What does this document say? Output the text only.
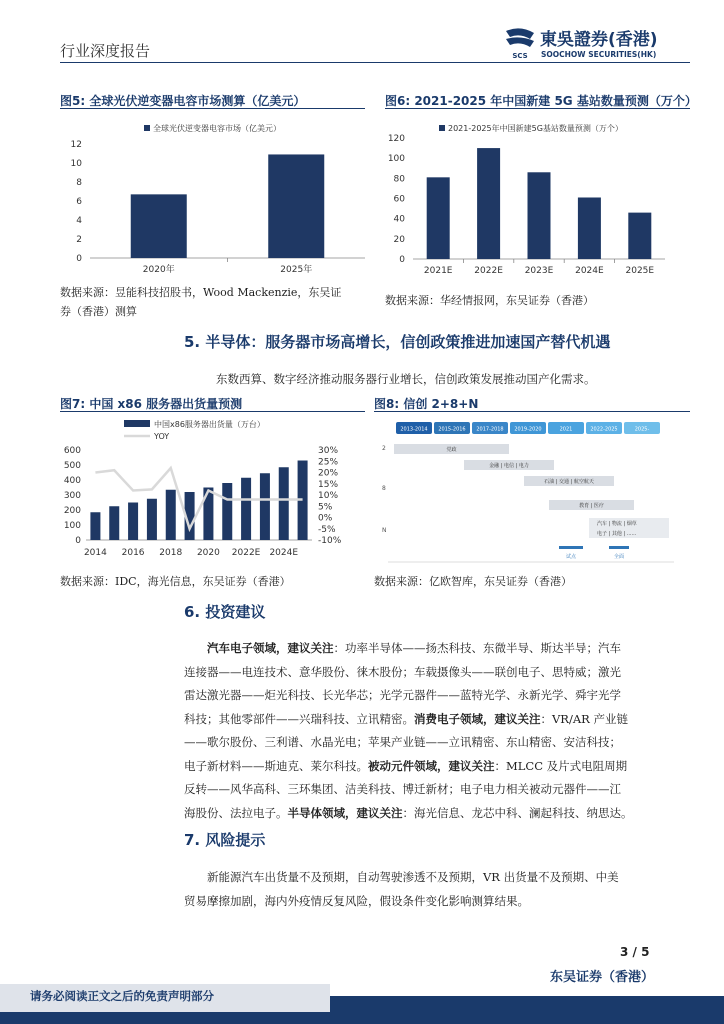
行业深度报告	SCS
東吳證券(香港)
SOOCHOW SECURITIES(HK)
图5: 全球光伏逆变器电容市场测算（亿美元）
全球光伏逆变器电容市场（亿美元）
0
2
4
6
8
10
12
2020年	2025年
数据来源：昱能科技招股书，Wood Mackenzie，东吴证
券（香港）测算
图6: 2021-2025 年中国新建 5G 基站数量预测（万个）
2021-2025年中国新建5G基站数量预测（万个）
0
20
40
60
80
100
120
2021E 2022E 2023E 2024E 2025E
数据来源：华经情报网，东吴证券（香港）
5. 半导体：服务器市场高增长，信创政策推进加速国产替代机遇
东数西算、数字经济推动服务器行业增长，信创政策发展推动国产化需求。
图7: 中国 x86 服务器出货量预测
中国x86服务器出货量（万台）
YOY
0
100
200
300
400
500
600
-10%
-5%
0%
5%
10%
15%
20%
25%
30%
2014 2016 2018 2020 2022E 2024E
数据来源：IDC，海光信息，东吴证券（香港）
图8: 信创 2+8+N
2013-2014 2015-2016 2017-2018 2019-2020	2021	2022-2025	2025-
2
8
N
党政
金融 | 电信 | 电力
石油 | 交通 | 航空航天
教育 | 医疗
汽车 | 物流 | 烟草
电子 | 其他 | ......
试点	全面
数据来源：亿欧智库，东吴证券（香港）
6. 投资建议
　　汽车电子领域，建议关注：功率半导体——扬杰科技、东微半导、斯达半导；汽车
连接器——电连技术、意华股份、徕木股份；车载摄像头——联创电子、思特威；激光
雷达激光器——炬光科技、长光华芯；光学元器件——蓝特光学、永新光学、舜宇光学
科技；其他零部件——兴瑞科技、立讯精密。消费电子领域，建议关注：VR/AR 产业链
——歌尔股份、三利谱、水晶光电；苹果产业链——立讯精密、东山精密、安洁科技；
电子新材料——斯迪克、莱尔科技。被动元件领域，建议关注：MLCC 及片式电阻周期
反转——风华高科、三环集团、洁美科技、博迁新材；电子电力相关被动元器件——江
海股份、法拉电子。半导体领域，建议关注：海光信息、龙芯中科、澜起科技、纳思达。
7. 风险提示
　　新能源汽车出货量不及预期，自动驾驶渗透不及预期，VR 出货量不及预期、中美
贸易摩擦加剧，海内外疫情反复风险，假设条件变化影响测算结果。
3 / 5
东吴证券（香港）
请务必阅读正文之后的免责声明部分
